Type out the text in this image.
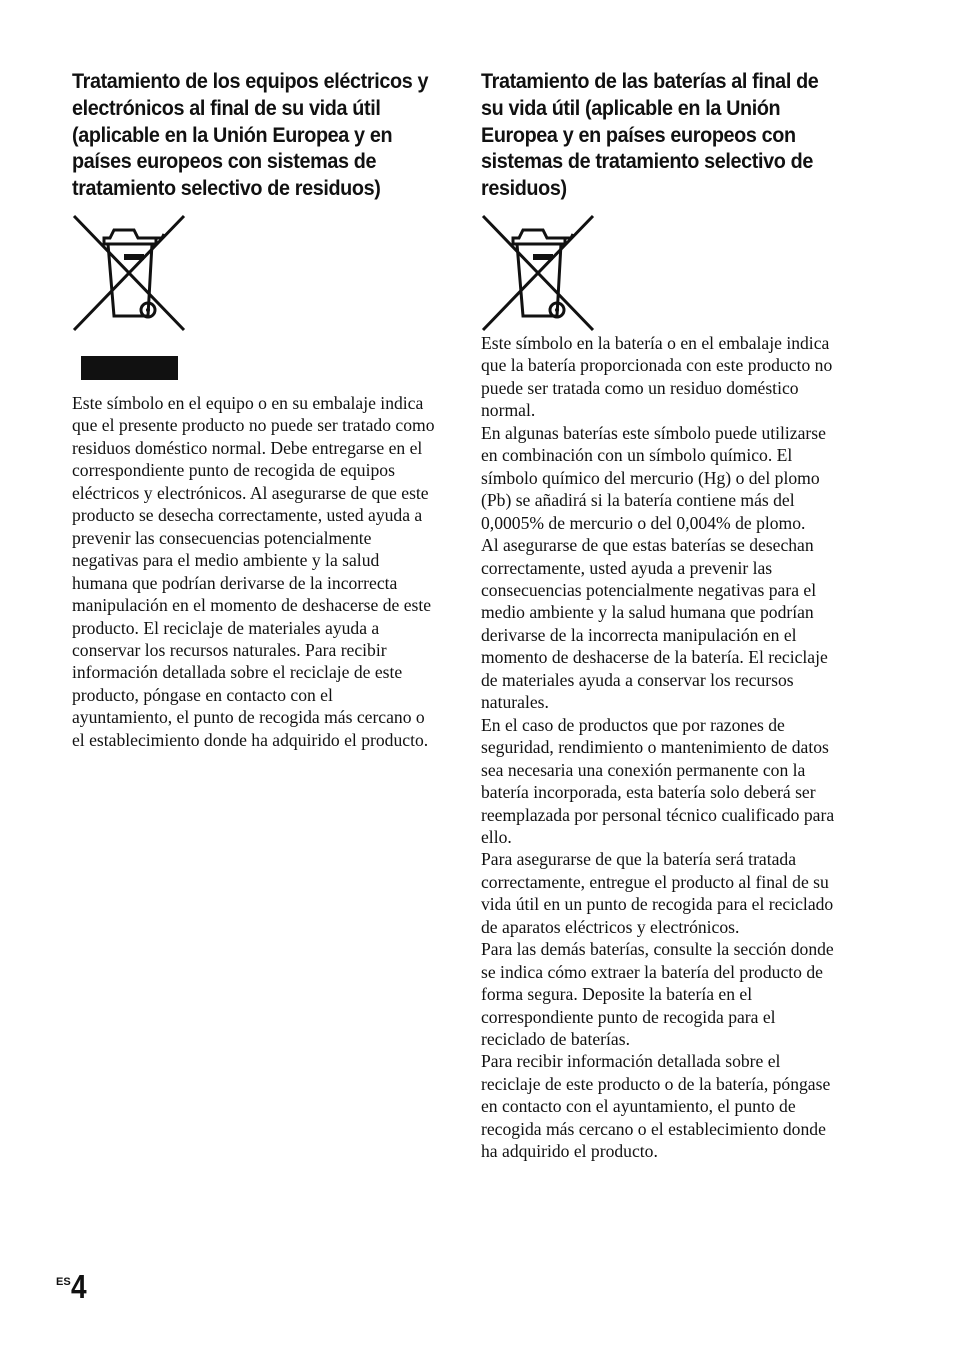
Tratamiento de los equipos eléctricos y electrónicos al final de su vida útil (aplicable en la Unión Europea y en países europeos con sistemas de tratamiento selectivo de residuos)

Este símbolo en el equipo o en su embalaje indica que el presente producto no puede ser tratado como residuos doméstico normal. Debe entregarse en el correspondiente punto de recogida de equipos eléctricos y electrónicos. Al asegurarse de que este producto se desecha correctamente, usted ayuda a prevenir las consecuencias potencialmente negativas para el medio ambiente y la salud humana que podrían derivarse de la incorrecta manipulación en el momento de deshacerse de este producto. El reciclaje de materiales ayuda a conservar los recursos naturales. Para recibir información detallada sobre el reciclaje de este producto, póngase en contacto con el ayuntamiento, el punto de recogida más cercano o el establecimiento donde ha adquirido el producto.

Tratamiento de las baterías al final de su vida útil (aplicable en la Unión Europea y en países europeos con sistemas de tratamiento selectivo de residuos)

Este símbolo en la batería o en el embalaje indica que la batería proporcionada con este producto no puede ser tratada como un residuo doméstico normal.

En algunas baterías este símbolo puede utilizarse en combinación con un símbolo químico. El símbolo químico del mercurio (Hg) o del plomo (Pb) se añadirá si la batería contiene más del 0,0005% de mercurio o del 0,004% de plomo.

Al asegurarse de que estas baterías se desechan correctamente, usted ayuda a prevenir las consecuencias potencialmente negativas para el medio ambiente y la salud humana que podrían derivarse de la incorrecta manipulación en el momento de deshacerse de la batería. El reciclaje de materiales ayuda a conservar los recursos naturales.

En el caso de productos que por razones de seguridad, rendimiento o mantenimiento de datos sea necesaria una conexión permanente con la batería incorporada, esta batería solo deberá ser reemplazada por personal técnico cualificado para ello.

Para asegurarse de que la batería será tratada correctamente, entregue el producto al final de su vida útil en un punto de recogida para el reciclado de aparatos eléctricos y electrónicos.

Para las demás baterías, consulte la sección donde se indica cómo extraer la batería del producto de forma segura. Deposite la batería en el correspondiente punto de recogida para el reciclado de baterías.

Para recibir información detallada sobre el reciclaje de este producto o de la batería, póngase en contacto con el ayuntamiento, el punto de recogida más cercano o el establecimiento donde ha adquirido el producto.

$^{ES}$4
